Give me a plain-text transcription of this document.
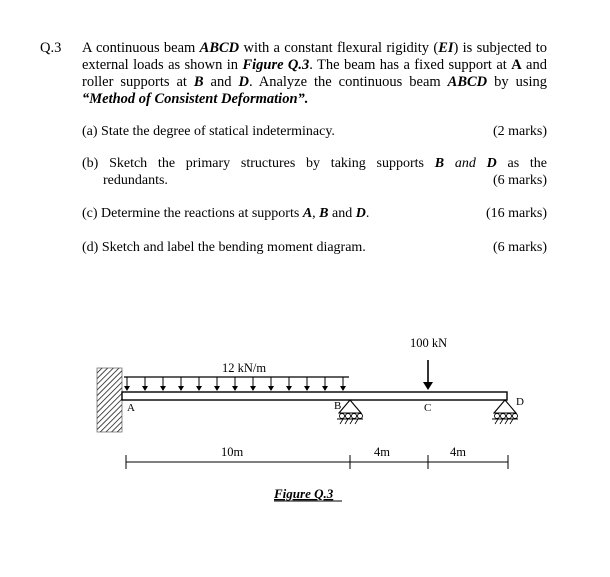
Q.3 A continuous beam ABCD with a constant flexural rigidity (EI) is subjected to external loads as shown in Figure Q.3. The beam has a fixed support at A and roller supports at B and D. Analyze the continuous beam ABCD by using “Method of Consistent Deformation”.
(a) State the degree of statical indeterminacy.	(2 marks)
(b) Sketch the primary structures by taking supports B and D as the
redundants.	(6 marks)
(c) Determine the reactions at supports A, B and D.	(16 marks)
(d) Sketch and label the bending moment diagram.	(6 marks)
12 kN/m
100 kN
A	B	C	D
10m	4m	4m
Figure Q.3
